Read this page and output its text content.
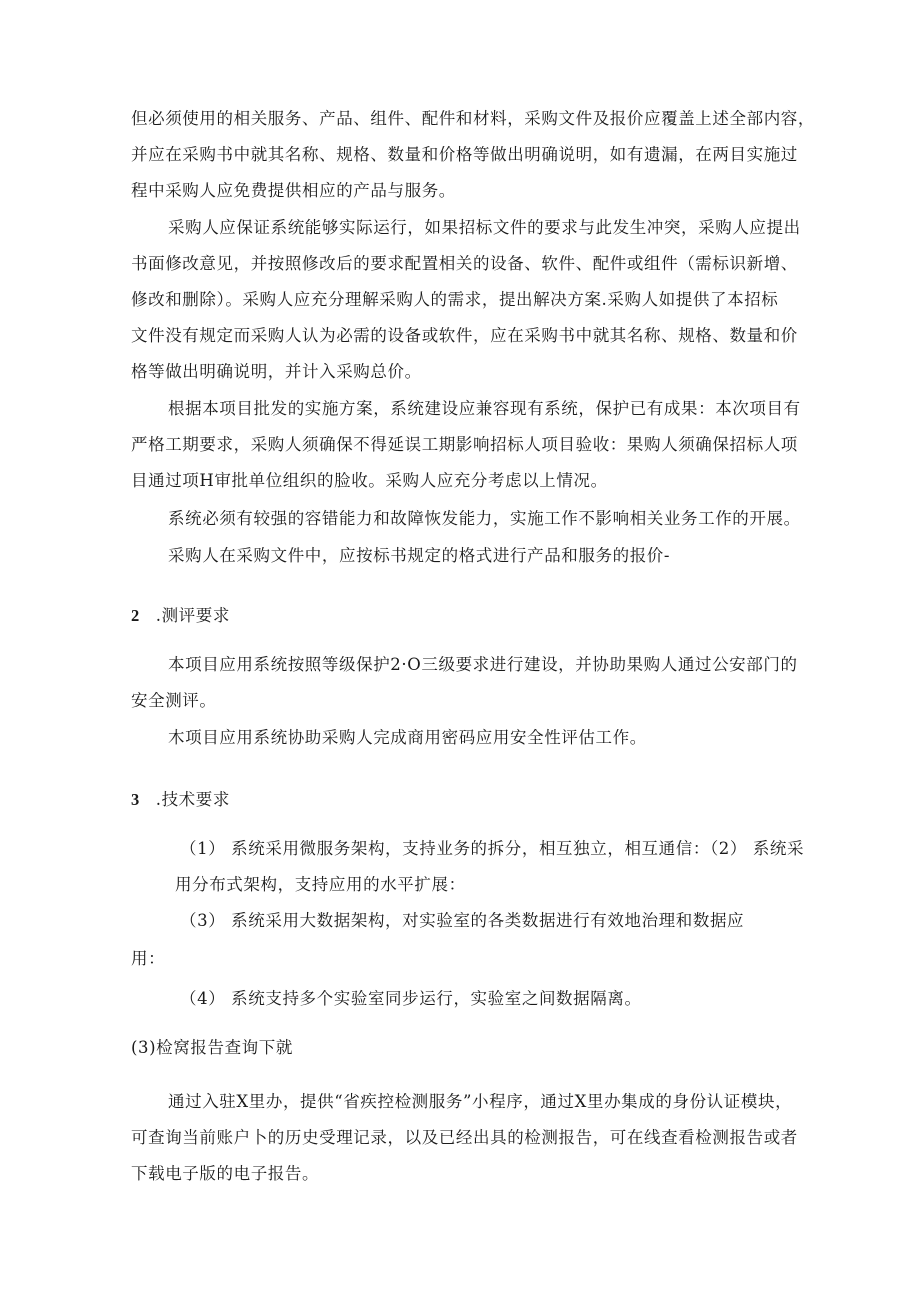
但必须使用的相关服务、产品、组件、配件和材料，采购文件及报价应覆盖上述全部内容，
并应在采购书中就其名称、规格、数量和价格等做出明确说明，如有遗漏，在两目实施过
程中采购人应免费提供相应的产品与服务。
采购人应保证系统能够实际运行，如果招标文件的要求与此发生冲突，采购人应提出
书面修改意见，并按照修改后的要求配置相关的设备、软件、配件或组件（需标识新增、
修改和删除）。采购人应充分理解采购人的需求，提出解决方案.采购人如提供了本招标
文件没有规定而采购人认为必需的设备或软件，应在采购书中就其名称、规格、数量和价
格等做出明确说明，并计入采购总价。
根据本项目批发的实施方案，系统建设应兼容现有系统，保护已有成果：本次项目有
严格工期要求，采购人须确保不得延误工期影响招标人项目验收：果购人须确保招标人项
目通过项H审批单位组织的脸收。采购人应充分考虑以上情况。
系统必须有较强的容错能力和故障恢发能力，实施工作不影响相关业务工作的开展。
采购人在采购文件中，应按标书规定的格式进行产品和服务的报价-
2 .测评要求
本项目应用系统按照等级保护2·O三级要求进行建设，并协助果购人通过公安部门的
安全测评。
木项目应用系统协助采购人完成商用密码应用安全性评估工作。
3 .技术要求
（1） 系统采用微服务架构，支持业务的拆分，相互独立，相互通信：（2） 系统采
用分布式架构，支持应用的水平扩展：
（3） 系统采用大数据架构，对实验室的各类数据进行有效地治理和数据应
用：
（4） 系统支持多个实验室同步运行，实验室之间数据隔离。
(3)检窝报告查询下就
通过入驻X里办，提供“省疾控检测服务”小程序，通过X里办集成的身份认证模块，
可查询当前账户卜的历史受理记录，以及已经出具的检测报告，可在线查看检测报告或者
下载电子版的电子报告。
